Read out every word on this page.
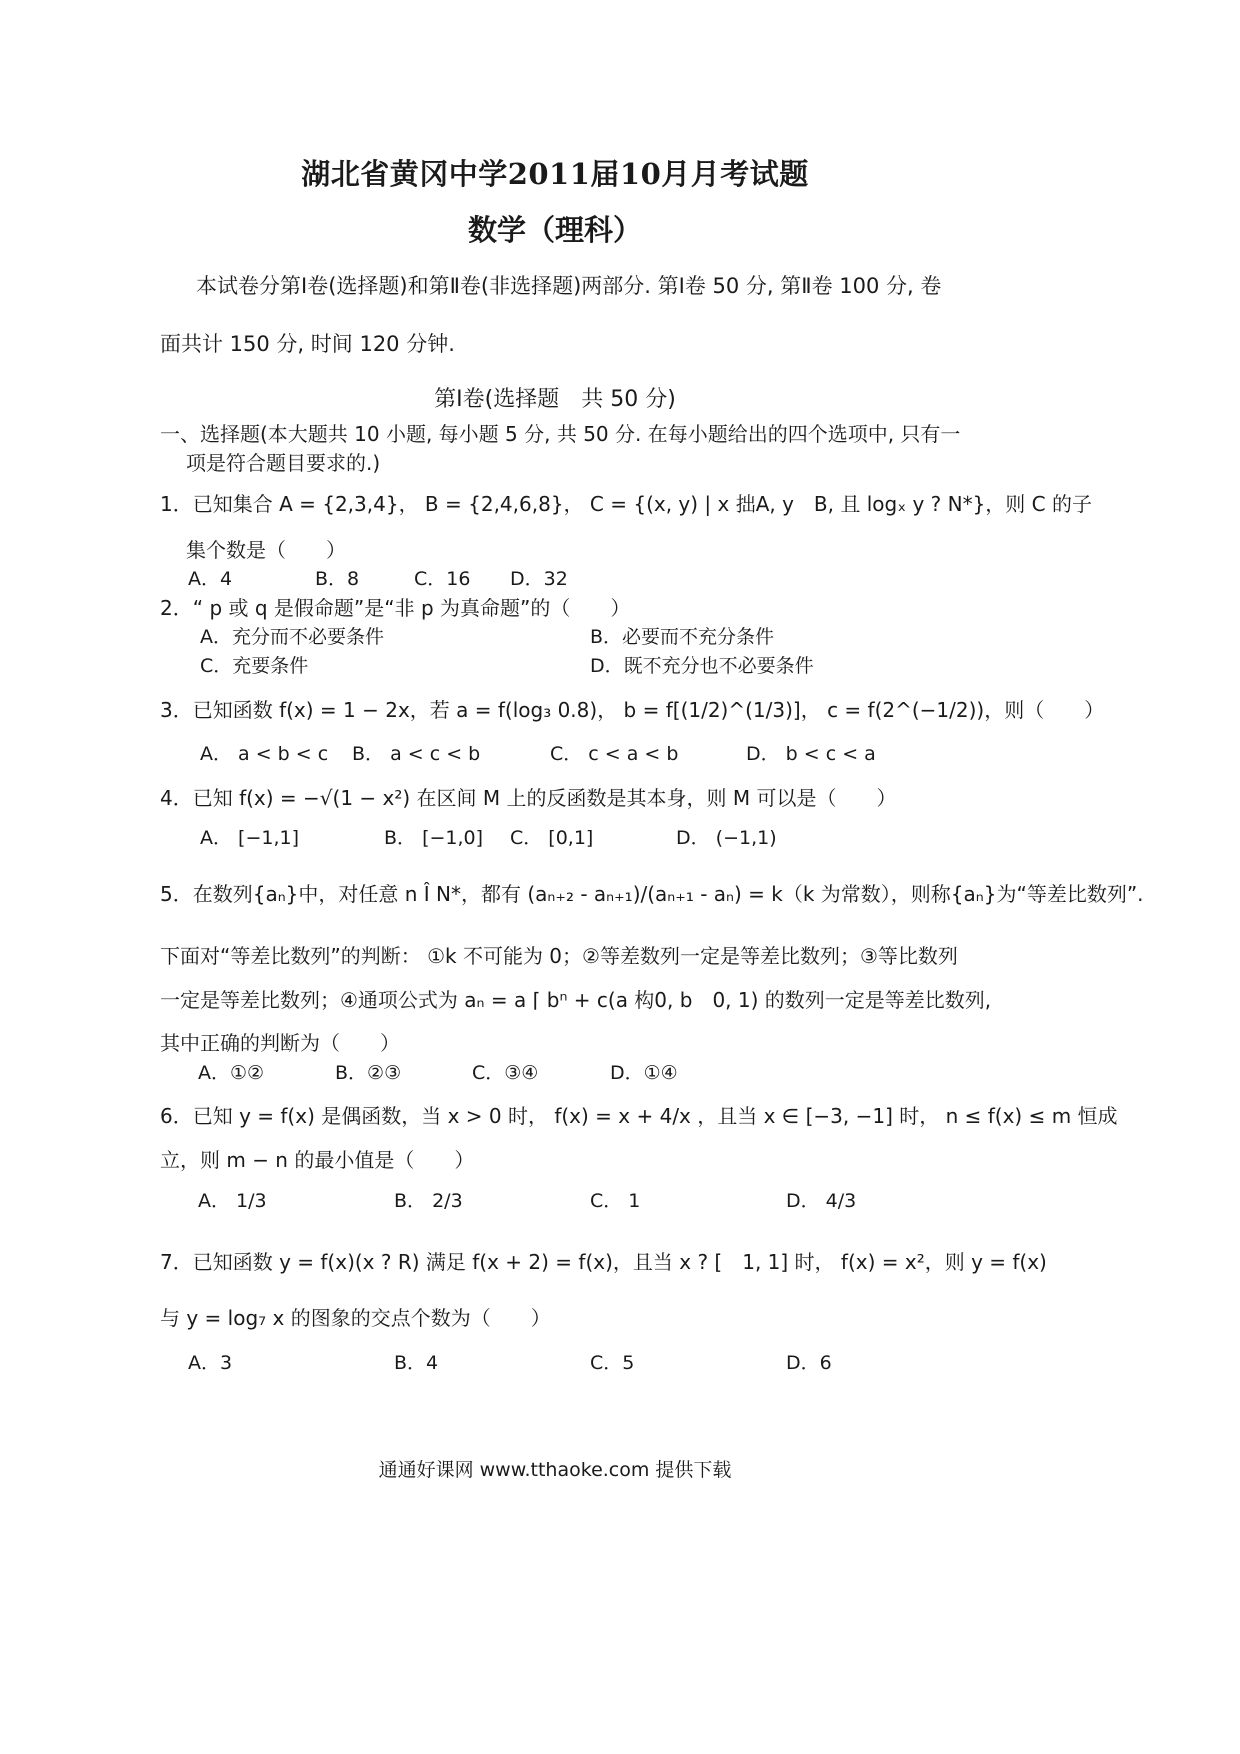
湖北省黄冈中学2011届10月月考试题
数学（理科）
本试卷分第Ⅰ卷(选择题)和第Ⅱ卷(非选择题)两部分. 第Ⅰ卷 50 分, 第Ⅱ卷 100 分, 卷
面共计 150 分, 时间 120 分钟.
第Ⅰ卷(选择题　共 50 分)
一、选择题(本大题共 10 小题, 每小题 5 分, 共 50 分. 在每小题给出的四个选项中, 只有一
项是符合题目要求的.)
1．已知集合 A = {2,3,4}， B = {2,4,6,8}， C = {(x, y) | x 拙A, y　B, 且 logₓ y ? N*}，则 C 的子
集个数是（　　）
A．4	B．8	C．16 D．32
2．“ p 或 q 是假命题”是“非 p 为真命题”的（　　）
A．充分而不必要条件	B．必要而不充分条件
C．充要条件	D．既不充分也不必要条件
3．已知函数 f(x) = 1 − 2x，若 a = f(log₃ 0.8)， b = f[(1/2)^(1/3)]， c = f(2^(−1/2))，则（　　）
A． a < b < c B． a < c < b	C． c < a < b	D． b < c < a
4．已知 f(x) = −√(1 − x²) 在区间 M 上的反函数是其本身，则 M 可以是（　　）
A． [−1,1]	B． [−1,0] C． [0,1]	D． (−1,1)
5．在数列{aₙ}中，对任意 n Î N*，都有 (aₙ₊₂ - aₙ₊₁)/(aₙ₊₁ - aₙ) = k（k 为常数），则称{aₙ}为“等差比数列”.
下面对“等差比数列”的判断： ①k 不可能为 0；②等差数列一定是等差比数列；③等比数列
一定是等差比数列；④通项公式为 aₙ = a ⌈ bⁿ + c(a 构0, b　0, 1) 的数列一定是等差比数列,
其中正确的判断为（　　）
A．①②	B．②③	C．③④	D．①④
6．已知 y = f(x) 是偶函数，当 x > 0 时， f(x) = x + 4/x ，且当 x ∈ [−3, −1] 时， n ≤ f(x) ≤ m 恒成
立，则 m − n 的最小值是（　　）
A． 1/3	B． 2/3	C． 1	D． 4/3
7．已知函数 y = f(x)(x ? R) 满足 f(x + 2) = f(x)，且当 x ? [　1, 1] 时， f(x) = x²，则 y = f(x)
与 y = log₇ x 的图象的交点个数为（　　）
A．3	B．4	C．5	D．6
通通好课网 www.tthaoke.com 提供下载
